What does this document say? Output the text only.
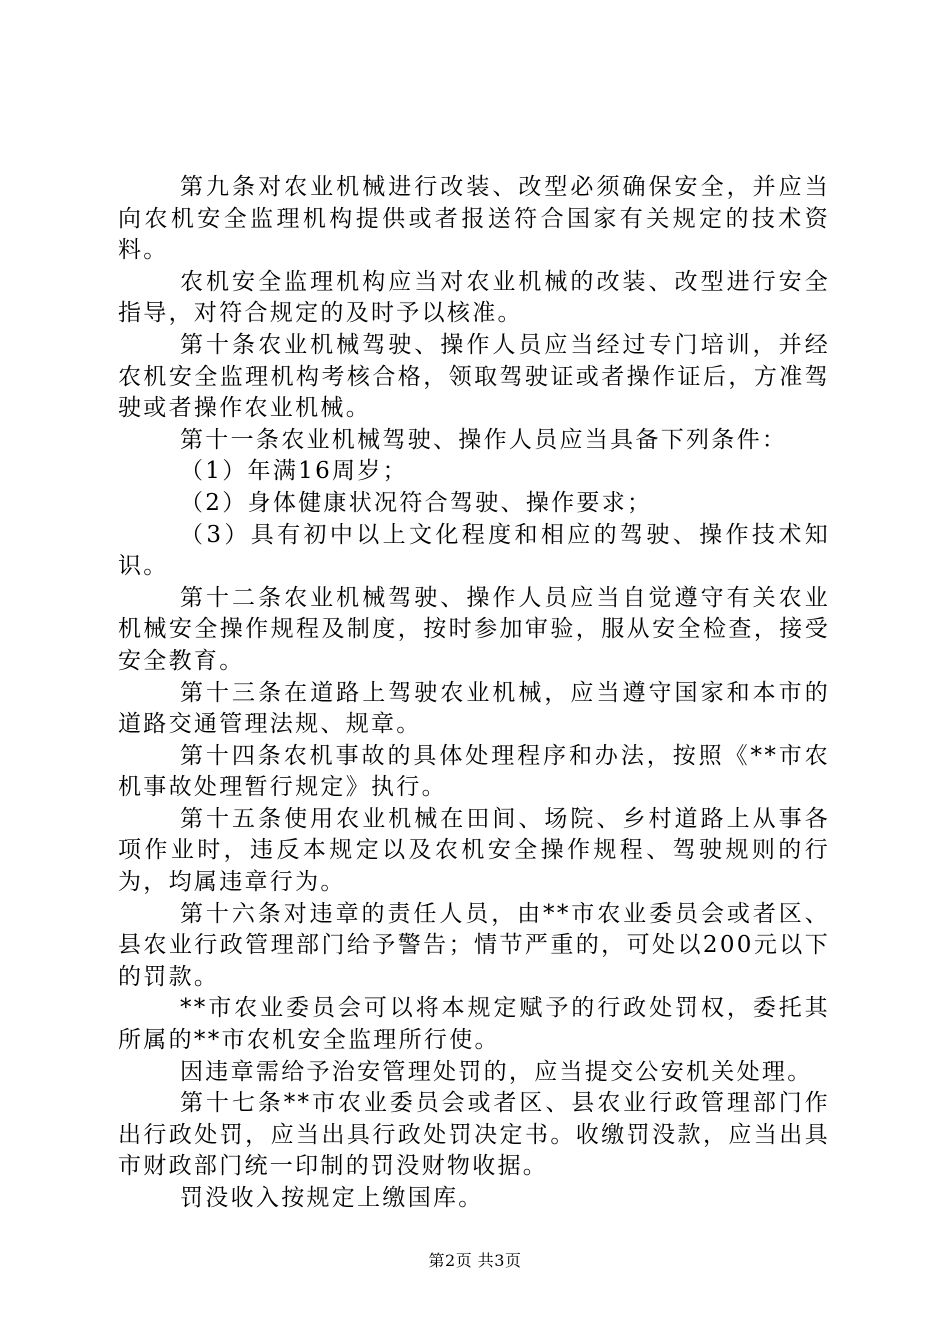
第九条对农业机械进行改装、改型必须确保安全，并应当向农机安全监理机构提供或者报送符合国家有关规定的技术资料。

农机安全监理机构应当对农业机械的改装、改型进行安全指导，对符合规定的及时予以核准。

第十条农业机械驾驶、操作人员应当经过专门培训，并经农机安全监理机构考核合格，领取驾驶证或者操作证后，方准驾驶或者操作农业机械。

第十一条农业机械驾驶、操作人员应当具备下列条件：

（1）年满16周岁；

（2）身体健康状况符合驾驶、操作要求；

（3）具有初中以上文化程度和相应的驾驶、操作技术知识。

第十二条农业机械驾驶、操作人员应当自觉遵守有关农业机械安全操作规程及制度，按时参加审验，服从安全检查，接受安全教育。

第十三条在道路上驾驶农业机械，应当遵守国家和本市的道路交通管理法规、规章。

第十四条农机事故的具体处理程序和办法，按照《**市农机事故处理暂行规定》执行。

第十五条使用农业机械在田间、场院、乡村道路上从事各项作业时，违反本规定以及农机安全操作规程、驾驶规则的行为，均属违章行为。

第十六条对违章的责任人员，由**市农业委员会或者区、县农业行政管理部门给予警告；情节严重的，可处以200元以下的罚款。

**市农业委员会可以将本规定赋予的行政处罚权，委托其所属的**市农机安全监理所行使。

因违章需给予治安管理处罚的，应当提交公安机关处理。

第十七条**市农业委员会或者区、县农业行政管理部门作出行政处罚，应当出具行政处罚决定书。收缴罚没款，应当出具市财政部门统一印制的罚没财物收据。

罚没收入按规定上缴国库。

第2页 共3页
